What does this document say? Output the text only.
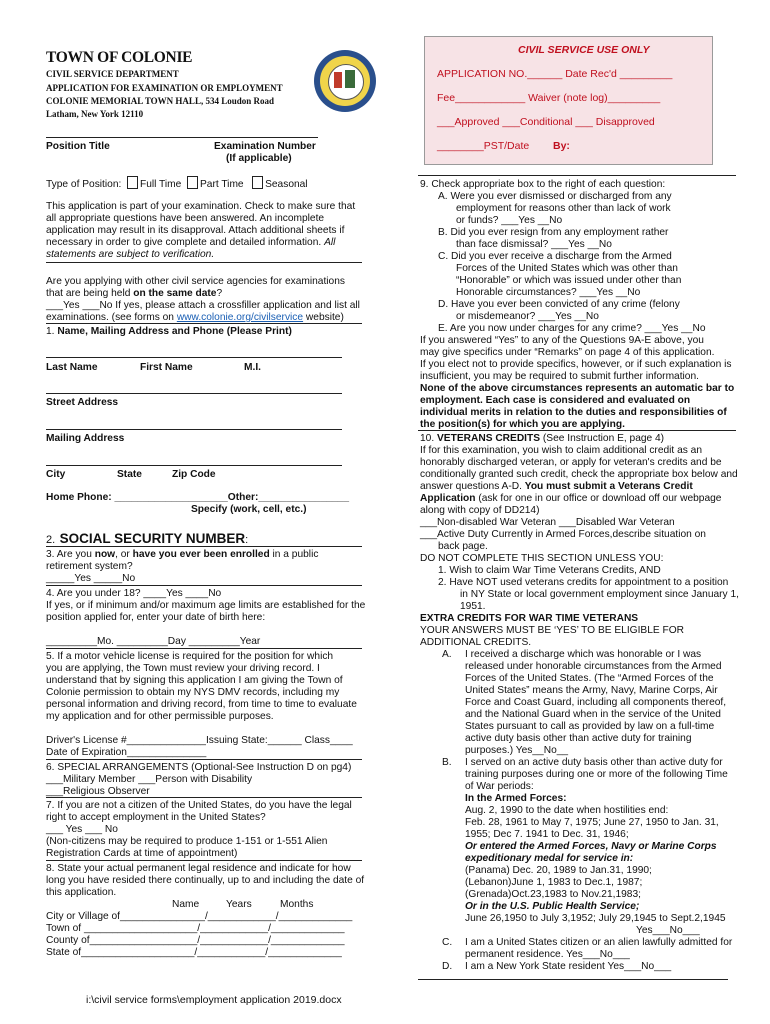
TOWN OF COLONIE
CIVIL SERVICE DEPARTMENT
APPLICATION FOR EXAMINATION OR EMPLOYMENT
COLONIE MEMORIAL TOWN HALL, 534 Loudon Road
Latham, New York 12110
CIVIL SERVICE USE ONLY
APPLICATION NO.______ Date Rec'd _________
Fee____________ Waiver (note log)_________
___Approved ___Conditional ___ Disapproved
________PST/Date By:
Position Title	Examination Number
(If applicable)
Type of Position: Full Time Part Time Seasonal
This application is part of your examination. Check to make sure that
all appropriate questions have been answered. An incomplete
application may result in its disapproval. Attach additional sheets if
necessary in order to give complete and detailed information. All
statements are subject to verification.
Are you applying with other civil service agencies for examinations
that are being held on the same date?
___Yes ___No If yes, please attach a crossfiller application and list all
examinations. (see forms on www.colonie.org/civilservice website)
1. Name, Mailing Address and Phone (Please Print)
Last Name	First Name	M.I.
Street Address
Mailing Address
City	State	Zip Code
Home Phone: ____________________Other:________________
Specify (work, cell, etc.)
2. SOCIAL SECURITY NUMBER:
3. Are you now, or have you ever been enrolled in a public
retirement system?
_____Yes _____No
4. Are you under 18? ____Yes ____No
If yes, or if minimum and/or maximum age limits are established for the
position applied for, enter your date of birth here:
_________Mo. _________Day _________Year
5. If a motor vehicle license is required for the position for which
you are applying, the Town must review your driving record. I
understand that by signing this application I am giving the Town of
Colonie permission to obtain my NYS DMV records, including my
personal information and driving record, from time to time to evaluate
my application and for other permissible purposes.
Driver's License #______________Issuing State:______ Class____
Date of Expiration______________
6. SPECIAL ARRANGEMENTS (Optional-See Instruction D on pg4)
___Military Member ___Person with Disability
___Religious Observer
7. If you are not a citizen of the United States, do you have the legal
right to accept employment in the United States?
___ Yes ___ No
(Non-citizens may be required to produce 1-151 or 1-551 Alien
Registration Cards at time of appointment)
8. State your actual permanent legal residence and indicate for how
long you have resided there continually, up to and including the date of
this application.
Name	Years	Months
City or Village of_______________/____________/_____________
Town of ____________________/____________/_____________
County of___________________/____________/_____________
State of____________________/____________/_____________
i:\civil service forms\employment application 2019.docx
9. Check appropriate box to the right of each question:
A. Were you ever dismissed or discharged from any
employment for reasons other than lack of work
or funds? ___Yes __No
B. Did you ever resign from any employment rather
than face dismissal? ___Yes __No
C. Did you ever receive a discharge from the Armed
Forces of the United States which was other than
“Honorable” or which was issued under other than
Honorable circumstances? ___Yes __No
D. Have you ever been convicted of any crime (felony
or misdemeanor? ___Yes __No
E. Are you now under charges for any crime? ___Yes __No
If you answered “Yes” to any of the Questions 9A-E above, you
may give specifics under “Remarks” on page 4 of this application.
If you elect not to provide specifics, however, or if such explanation is
insufficient, you may be required to submit further information.
None of the above circumstances represents an automatic bar to
employment. Each case is considered and evaluated on
individual merits in relation to the duties and responsibilities of
the position(s) for which you are applying.
10. VETERANS CREDITS (See Instruction E, page 4)
If for this examination, you wish to claim additional credit as an
honorably discharged veteran, or apply for veteran's credits and be
conditionally granted such credit, check the appropriate box below and
answer questions A-D. You must submit a Veterans Credit
Application (ask for one in our office or download off our webpage
along with copy of DD214)
___Non-disabled War Veteran ___Disabled War Veteran
___Active Duty Currently in Armed Forces,describe situation on
back page.
DO NOT COMPLETE THIS SECTION UNLESS YOU:
1. Wish to claim War Time Veterans Credits, AND
2. Have NOT used veterans credits for appointment to a position
in NY State or local government employment since January 1,
1951.
EXTRA CREDITS FOR WAR TIME VETERANS
YOUR ANSWERS MUST BE ‘YES’ TO BE ELIGIBLE FOR
ADDITIONAL CREDITS.
A. I received a discharge which was honorable or I was
released under honorable circumstances from the Armed
Forces of the United States. (The “Armed Forces of the
United States” means the Army, Navy, Marine Corps, Air
Force and Coast Guard, including all components thereof,
and the National Guard when in the service of the United
States pursuant to call as provided by law on a full-time
active duty basis other than active duty for training
purposes.) Yes__No__
B. I served on an active duty basis other than active duty for
training purposes during one or more of the following Time
of War periods:
In the Armed Forces:
Aug. 2, 1990 to the date when hostilities end:
Feb. 28, 1961 to May 7, 1975; June 27, 1950 to Jan. 31,
1955; Dec 7. 1941 to Dec. 31, 1946;
Or entered the Armed Forces, Navy or Marine Corps
expeditionary medal for service in:
(Panama) Dec. 20, 1989 to Jan.31, 1990;
(Lebanon)June 1, 1983 to Dec.1, 1987;
(Grenada)Oct.23,1983 to Nov.21,1983;
Or in the U.S. Public Health Service;
June 26,1950 to July 3,1952; July 29,1945 to Sept.2,1945
Yes___No___
C. I am a United States citizen or an alien lawfully admitted for
permanent residence. Yes___No___
D. I am a New York State resident Yes___No___
